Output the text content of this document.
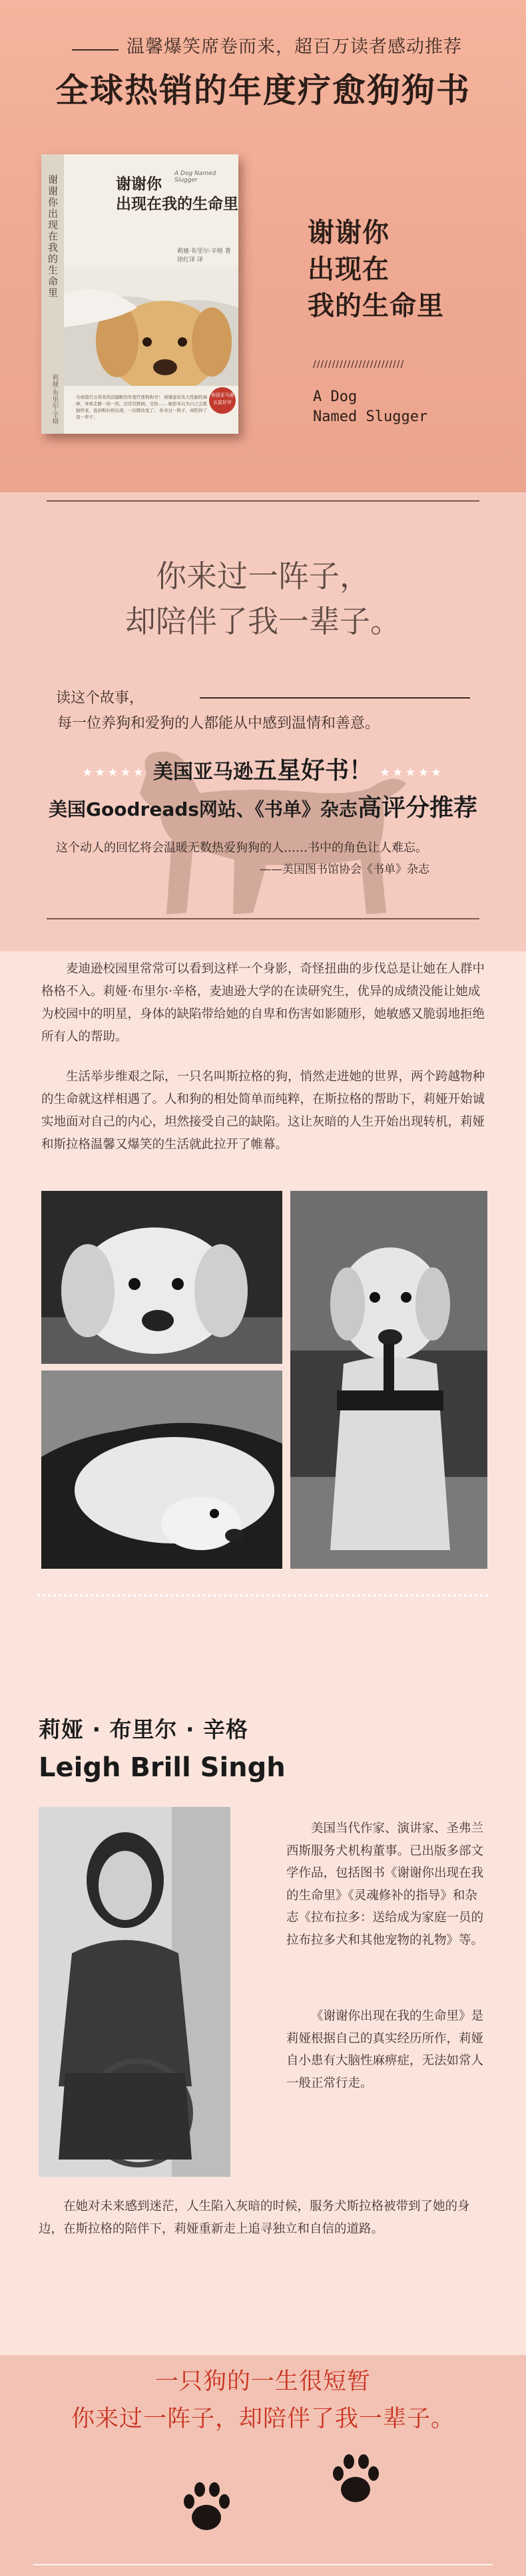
温馨爆笑席卷而来，超百万读者感动推荐
全球热销的年度疗愈狗狗书
谢谢你出现在我的生命里
莉娅·布里尔·辛格
A Dog Named Slugger
谢谢你
出现在我的生命里
莉娅·布里尔·辛格 著
徐红译 译
全球超百万读者热泪盈眶的年度疗愈狗狗书！ 莉娅患有先天性脑性麻痹，导致走路一拐一拐，还常常跌倒，受伤…… 她原本以为自己会孤独终老，直到斯拉格出现，一切都改变了。 你来过一阵子，却陪伴了我一辈子。
美国亚马逊五星好评
谢谢你
出现在
我的生命里
////////////////////////
A Dog
Named Slugger
你来过一阵子，
却陪伴了我一辈子。
读这个故事，
每一位养狗和爱狗的人都能从中感到温情和善意。
★★★★★ 美国亚马逊五星好书！ ★★★★★
美国Goodreads网站、《书单》杂志高评分推荐
这个动人的回忆将会温暖无数热爱狗狗的人……书中的角色让人难忘。
——美国图书馆协会《书单》杂志
麦迪逊校园里常常可以看到这样一个身影，奇怪扭曲的步伐总是让她在人群中格格不入。莉娅·布里尔·辛格，麦迪逊大学的在读研究生，优异的成绩没能让她成为校园中的明星，身体的缺陷带给她的自卑和伤害如影随形，她敏感又脆弱地拒绝所有人的帮助。
生活举步维艰之际，一只名叫斯拉格的狗，悄然走进她的世界，两个跨越物种的生命就这样相遇了。人和狗的相处简单而纯粹，在斯拉格的帮助下，莉娅开始诚实地面对自己的内心，坦然接受自己的缺陷。这让灰暗的人生开始出现转机，莉娅和斯拉格温馨又爆笑的生活就此拉开了帷幕。
莉娅 · 布里尔 · 辛格
Leigh Brill Singh
美国当代作家、演讲家、圣弗兰西斯服务犬机构董事。已出版多部文学作品，包括图书《谢谢你出现在我的生命里》《灵魂修补的指导》和杂志《拉布拉多：送给成为家庭一员的拉布拉多犬和其他宠物的礼物》等。
《谢谢你出现在我的生命里》是莉娅根据自己的真实经历所作，莉娅自小患有大脑性麻痹症，无法如常人一般正常行走。
在她对未来感到迷茫，人生陷入灰暗的时候，服务犬斯拉格被带到了她的身边，在斯拉格的陪伴下，莉娅重新走上追寻独立和自信的道路。
一只狗的一生很短暂
你来过一阵子，却陪伴了我一辈子。
